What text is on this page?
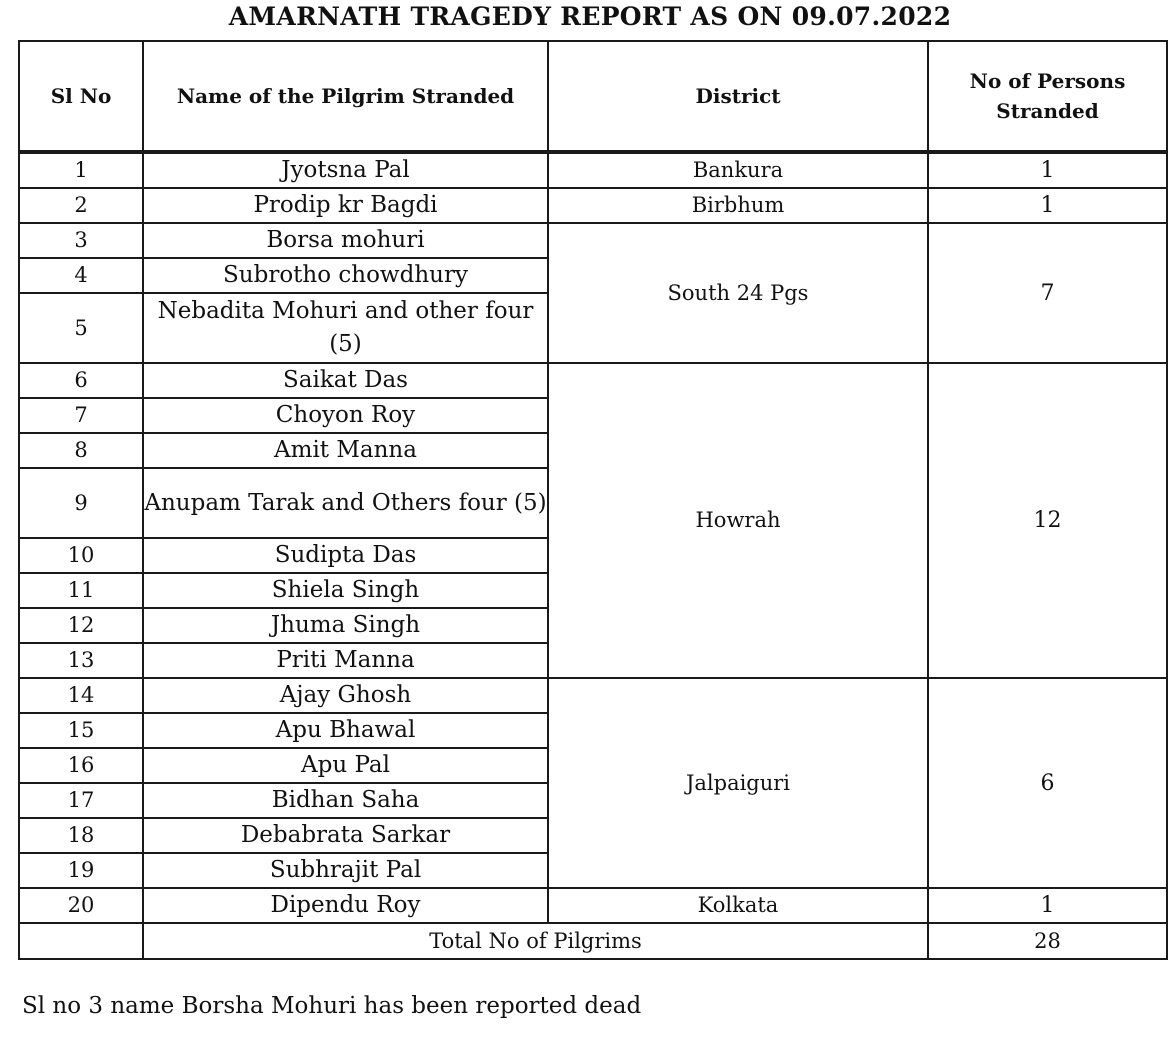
AMARNATH TRAGEDY REPORT AS ON 09.07.2022
Sl No	Name of the Pilgrim Stranded	District	No of Persons Stranded
1	Jyotsna Pal	Bankura	1
2	Prodip kr Bagdi	Birbhum	1
3	Borsa mohuri	South 24 Pgs	7
4	Subrotho chowdhury		
5	Nebadita Mohuri and other four (5)		
6	Saikat Das	Howrah	12
7	Choyon Roy		
8	Amit Manna		
9	Anupam Tarak and Others four (5)		
10	Sudipta Das		
11	Shiela Singh		
12	Jhuma Singh		
13	Priti Manna		
14	Ajay Ghosh	Jalpaiguri	6
15	Apu Bhawal		
16	Apu Pal		
17	Bidhan Saha		
18	Debabrata Sarkar		
19	Subhrajit Pal		
20	Dipendu Roy	Kolkata	1
	Total No of Pilgrims		28
Sl no 3 name Borsha Mohuri has been reported dead
